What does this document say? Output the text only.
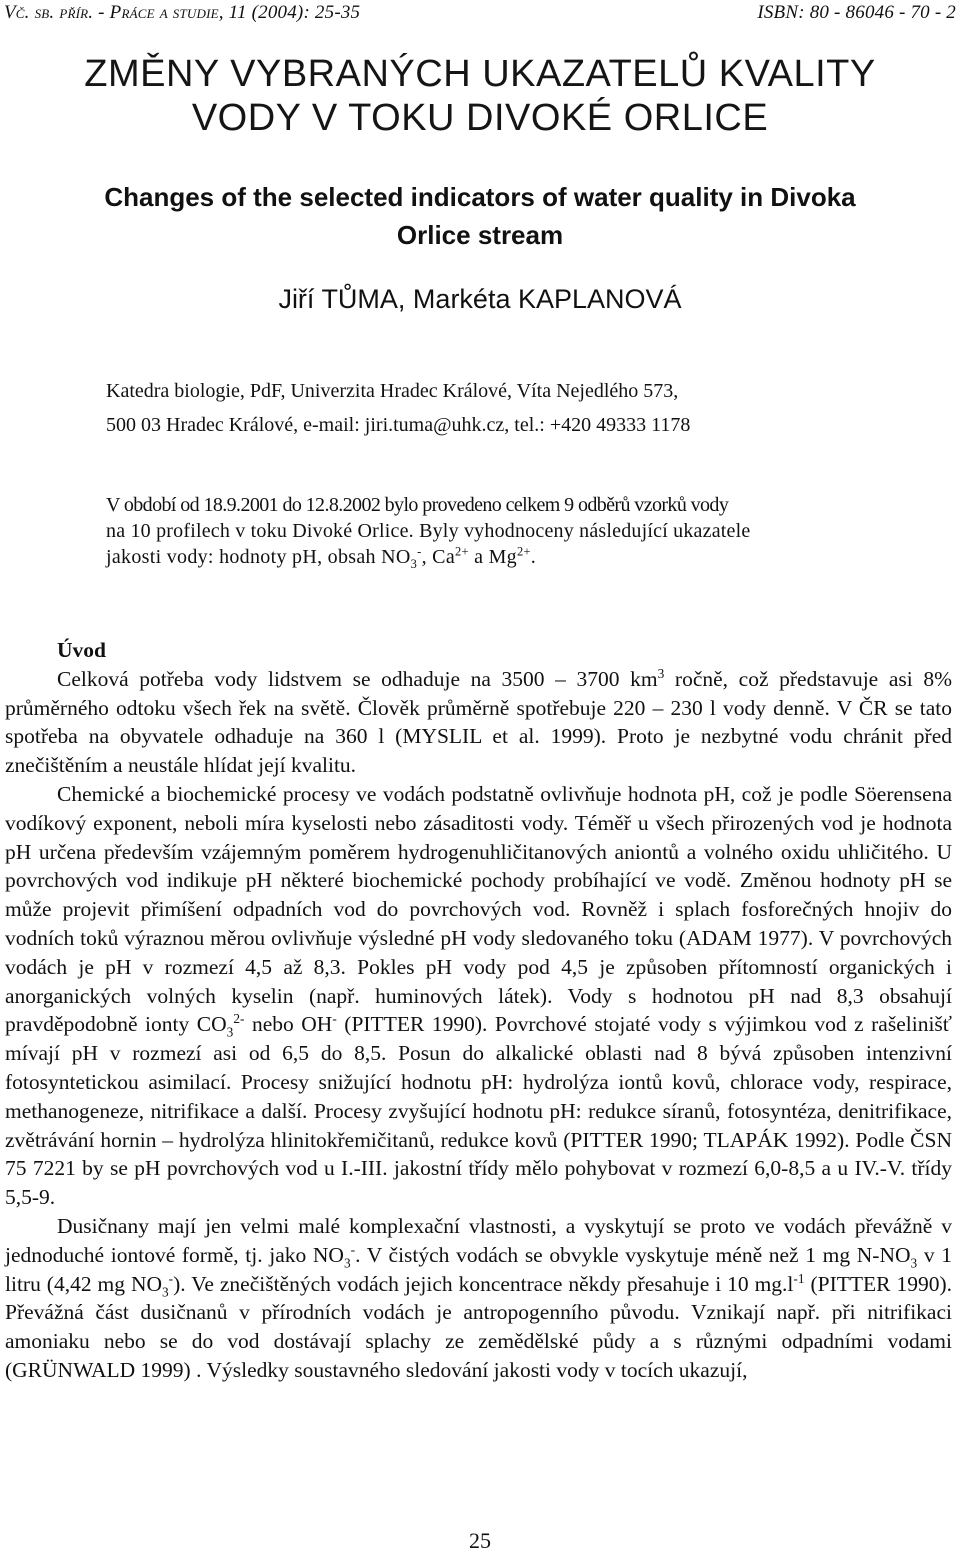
Vč. sb. přír. - Práce a studie, 11 (2004): 25-35	ISBN: 80 - 86046 - 70 - 2
ZMĚNY VYBRANÝCH UKAZATELŮ KVALITY
VODY V TOKU DIVOKÉ ORLICE
Changes of the selected indicators of water quality in Divoka
Orlice stream
Jiří TŮMA, Markéta KAPLANOVÁ
Katedra biologie, PdF, Univerzita Hradec Králové, Víta Nejedlého 573,
500 03 Hradec Králové, e-mail: jiri.tuma@uhk.cz, tel.: +420 49333 1178

V období od 18.9.2001 do 12.8.2002 bylo provedeno celkem 9 odběrů vzorků vody

na 10 profilech v toku Divoké Orlice. Byly vyhodnoceny následující ukazatele

jakosti vody: hodnoty pH, obsah $NO_3^-$, $Ca^{2+}$ a $Mg^{2+}$.

Úvod

Celková potřeba vody lidstvem se odhaduje na 3500 – 3700 $km^3$ ročně, což představuje asi 8% průměrného odtoku všech řek na světě. Člověk průměrně spotřebuje 220 – 230 l vody denně. V ČR se tato spotřeba na obyvatele odhaduje na 360 l (MYSLIL et al. 1999). Proto je nezbytné vodu chránit před znečištěním a neustále hlídat její kvalitu.

Chemické a biochemické procesy ve vodách podstatně ovlivňuje hodnota pH, což je podle Söerensena vodíkový exponent, neboli míra kyselosti nebo zásaditosti vody. Téměř u všech přirozených vod je hodnota pH určena především vzájemným poměrem hydrogenuhličitanových aniontů a volného oxidu uhličitého. U povrchových vod indikuje pH některé biochemické pochody probíhající ve vodě. Změnou hodnoty pH se může projevit přimíšení odpadních vod do povrchových vod. Rovněž i splach fosforečných hnojiv do vodních toků výraznou měrou ovlivňuje výsledné pH vody sledovaného toku (ADAM 1977). V povrchových vodách je pH v rozmezí 4,5 až 8,3. Pokles pH vody pod 4,5 je způsoben přítomností organických i anorganických volných kyselin (např. huminových látek). Vody s hodnotou pH nad 8,3 obsahují pravděpodobně ionty $CO_3^{2-}$ nebo OH- (PITTER 1990). Povrchové stojaté vody s výjimkou vod z rašelinišť mívají pH v rozmezí asi od 6,5 do 8,5. Posun do alkalické oblasti nad 8 bývá způsoben intenzivní fotosyntetickou asimilací. Procesy snižující hodnotu pH: hydrolýza iontů kovů, chlorace vody, respirace, methanogeneze, nitrifikace a další. Procesy zvyšující hodnotu pH: redukce síranů, fotosyntéza, denitrifikace, zvětrávání hornin – hydrolýza hlinitokřemičitanů, redukce kovů (PITTER 1990; TLAPÁK 1992). Podle ČSN 75 7221 by se pH povrchových vod u I.-III. jakostní třídy mělo pohybovat v rozmezí 6,0-8,5 a u IV.-V. třídy 5,5-9.

Dusičnany mají jen velmi malé komplexační vlastnosti, a vyskytují se proto ve vodách převážně v jednoduché iontové formě, tj. jako $NO_3^-$. V čistých vodách se obvykle vyskytuje méně než 1 mg $N-NO_3$ v 1 litru (4,42 mg $NO_3^-$). Ve znečištěných vodách jejich koncentrace někdy přesahuje i 10 $mg.l^{-1}$ (PITTER 1990). Převážná část dusičnanů v přírodních vodách je antropogenního původu. Vznikají např. při nitrifikaci amoniaku nebo se do vod dostávají splachy ze zemědělské půdy a s různými odpadními vodami (GRÜNWALD 1999) . Výsledky soustavného sledování jakosti vody v tocích ukazují,

25
